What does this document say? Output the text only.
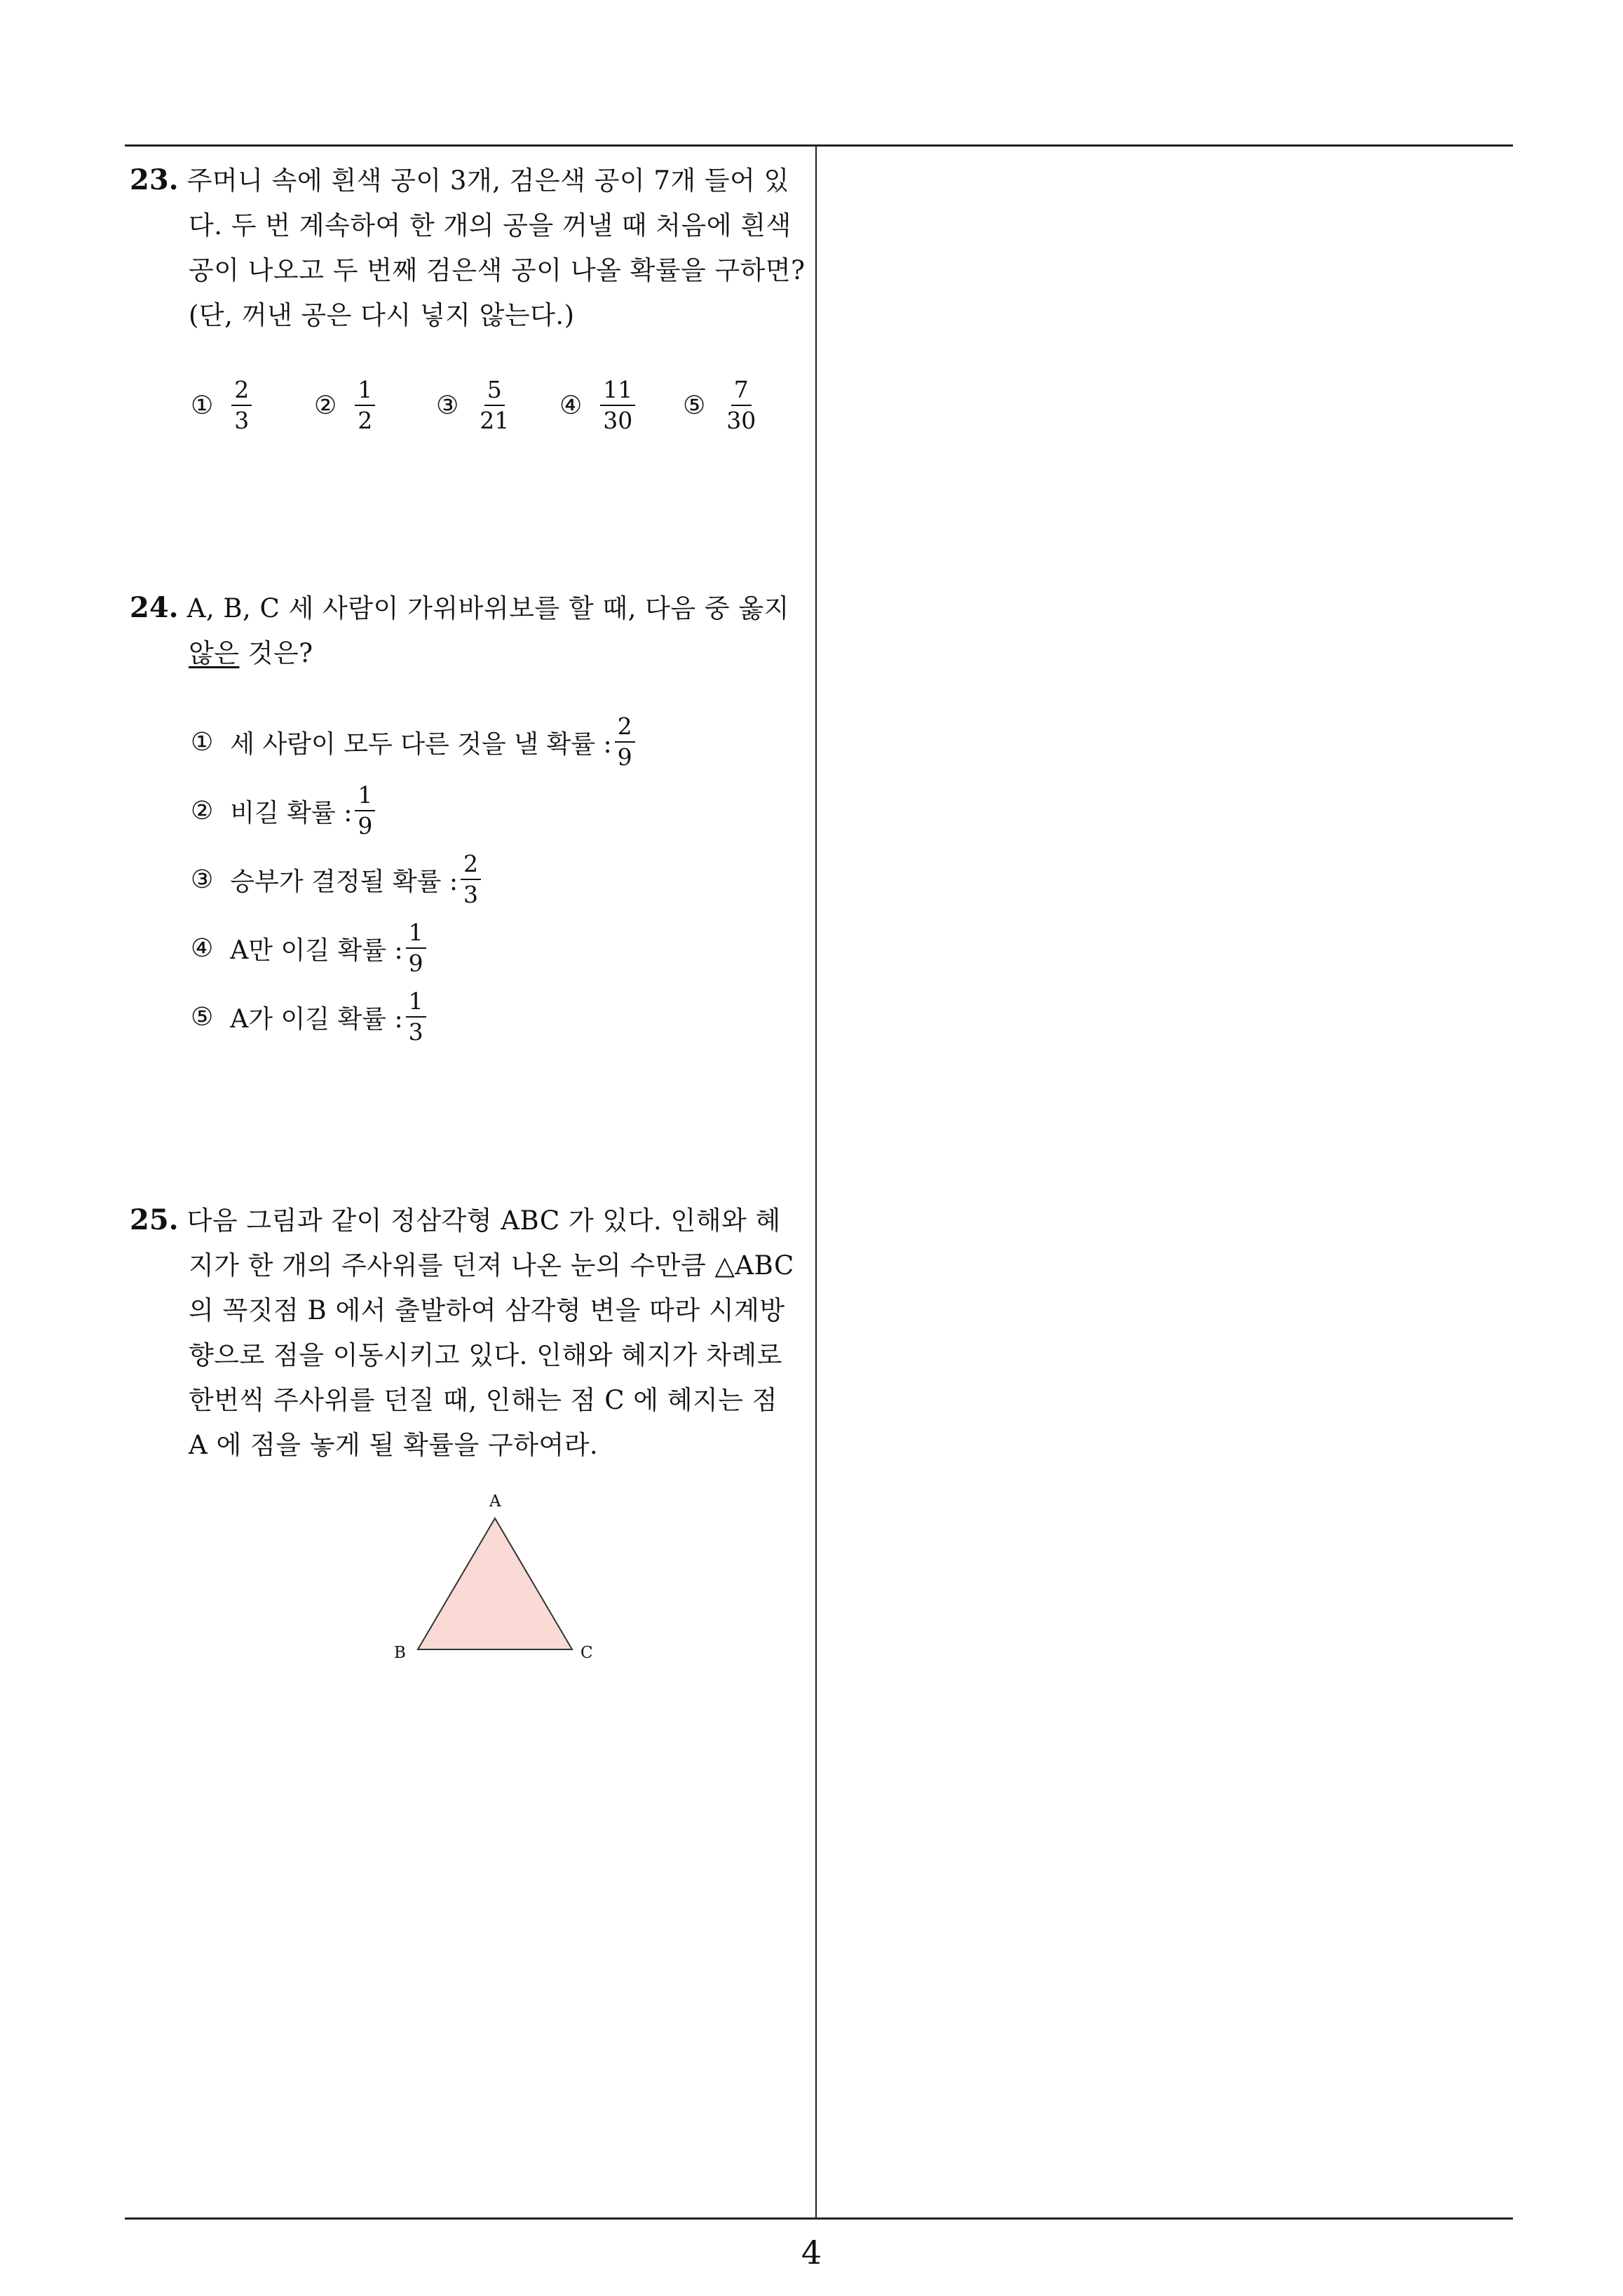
23. 주머니 속에 흰색 공이 3개, 검은색 공이 7개 들어 있
다. 두 번 계속하여 한 개의 공을 꺼낼 때 처음에 흰색
공이 나오고 두 번째 검은색 공이 나올 확률을 구하면?
(단, 꺼낸 공은 다시 넣지 않는다.)
① $\frac{2}{3}$ ② $\frac{1}{2}$ ③ $\frac{5}{21}$ ④ $\frac{11}{30}$ ⑤ $\frac{7}{30}$
24. A, B, C 세 사람이 가위바위보를 할 때, 다음 중 옳지
않은 것은?
① 세 사람이 모두 다른 것을 낼 확률 : $\frac{2}{9}$
② 비길 확률 : $\frac{1}{9}$
③ 승부가 결정될 확률 : $\frac{2}{3}$
④ A만 이길 확률 : $\frac{1}{9}$
⑤ A가 이길 확률 : $\frac{1}{3}$
25. 다음 그림과 같이 정삼각형 ABC 가 있다. 인해와 혜
지가 한 개의 주사위를 던져 나온 눈의 수만큼 △ABC
의 꼭짓점 B 에서 출발하여 삼각형 변을 따라 시계방
향으로 점을 이동시키고 있다. 인해와 혜지가 차례로
한번씩 주사위를 던질 때, 인해는 점 C 에 혜지는 점
A 에 점을 놓게 될 확률을 구하여라.
A
B	C
4
